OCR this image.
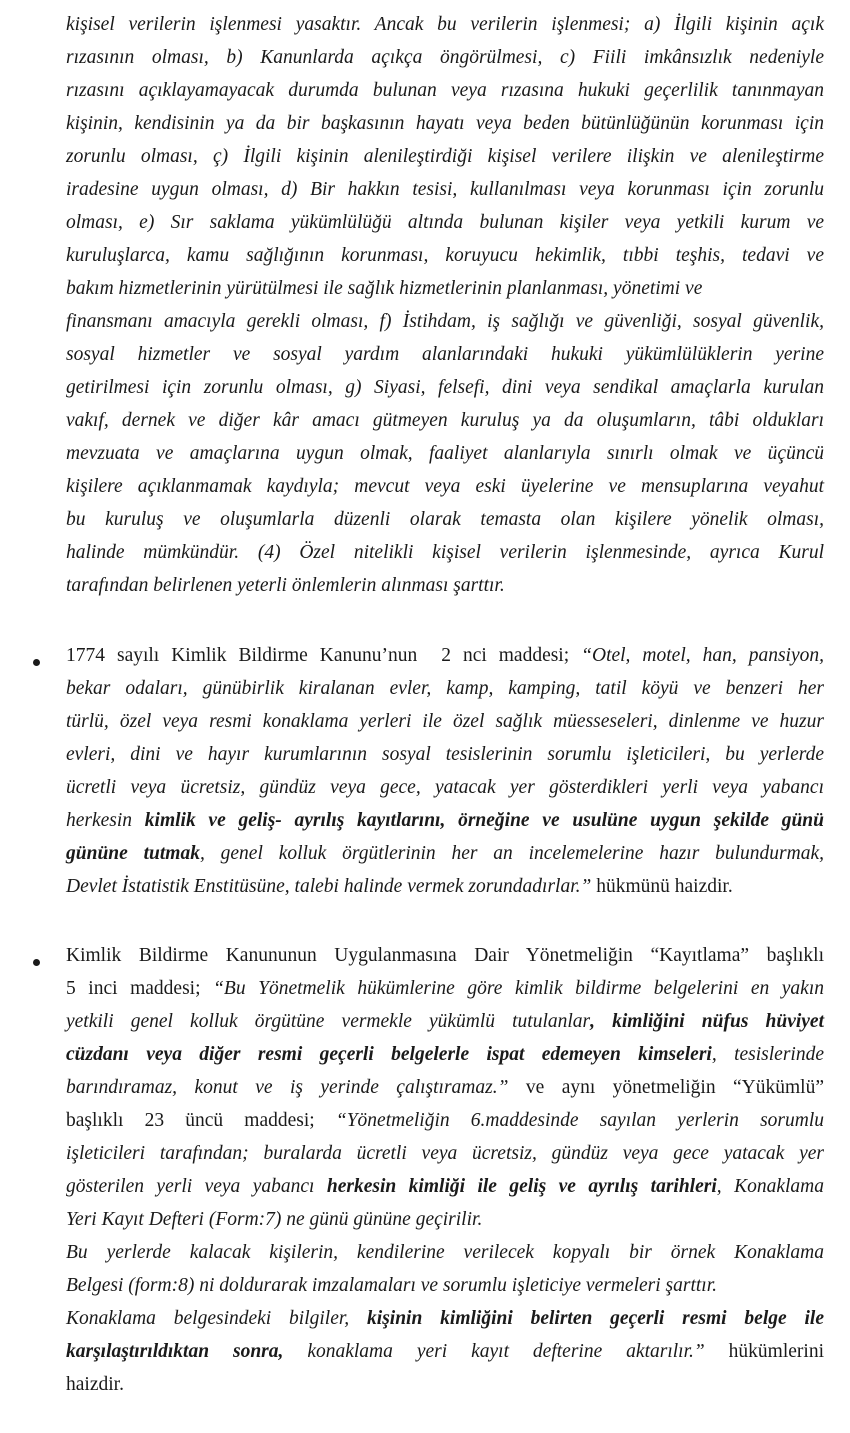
kişisel verilerin işlenmesi yasaktır. Ancak bu verilerin işlenmesi; a) İlgili kişinin açık
rızasının olması, b) Kanunlarda açıkça öngörülmesi, c) Fiili imkânsızlık nedeniyle
rızasını açıklayamayacak durumda bulunan veya rızasına hukuki geçerlilik tanınmayan
kişinin, kendisinin ya da bir başkasının hayatı veya beden bütünlüğünün korunması için
zorunlu olması, ç) İlgili kişinin alenileştirdiği kişisel verilere ilişkin ve alenileştirme
iradesine uygun olması, d) Bir hakkın tesisi, kullanılması veya korunması için zorunlu
olması, e) Sır saklama yükümlülüğü altında bulunan kişiler veya yetkili kurum ve
kuruluşlarca, kamu sağlığının korunması, koruyucu hekimlik, tıbbi teşhis, tedavi ve
bakım hizmetlerinin yürütülmesi ile sağlık hizmetlerinin planlanması, yönetimi ve
finansmanı amacıyla gerekli olması, f) İstihdam, iş sağlığı ve güvenliği, sosyal güvenlik,
sosyal hizmetler ve sosyal yardım alanlarındaki hukuki yükümlülüklerin yerine
getirilmesi için zorunlu olması, g) Siyasi, felsefi, dini veya sendikal amaçlarla kurulan
vakıf, dernek ve diğer kâr amacı gütmeyen kuruluş ya da oluşumların, tâbi oldukları
mevzuata ve amaçlarına uygun olmak, faaliyet alanlarıyla sınırlı olmak ve üçüncü
kişilere açıklanmamak kaydıyla; mevcut veya eski üyelerine ve mensuplarına veyahut
bu kuruluş ve oluşumlarla düzenli olarak temasta olan kişilere yönelik olması,
halinde mümkündür. (4) Özel nitelikli kişisel verilerin işlenmesinde, ayrıca Kurul
tarafından belirlenen yeterli önlemlerin alınması şarttır.
1774 sayılı Kimlik Bildirme Kanunu’nun  2 nci maddesi; “Otel, motel, han, pansiyon,
bekar odaları, günübirlik kiralanan evler, kamp, kamping, tatil köyü ve benzeri her
türlü, özel veya resmi konaklama yerleri ile özel sağlık müesseseleri, dinlenme ve huzur
evleri, dini ve hayır kurumlarının sosyal tesislerinin sorumlu işleticileri, bu yerlerde
ücretli veya ücretsiz, gündüz veya gece, yatacak yer gösterdikleri yerli veya yabancı
herkesin kimlik ve geliş- ayrılış kayıtlarını, örneğine ve usulüne uygun şekilde günü
gününe tutmak, genel kolluk örgütlerinin her an incelemelerine hazır bulundurmak,
Devlet İstatistik Enstitüsüne, talebi halinde vermek zorundadırlar.” hükmünü haizdir.
Kimlik Bildirme Kanununun Uygulanmasına Dair Yönetmeliğin “Kayıtlama” başlıklı
5 inci maddesi; “Bu Yönetmelik hükümlerine göre kimlik bildirme belgelerini en yakın
yetkili genel kolluk örgütüne vermekle yükümlü tutulanlar, kimliğini nüfus hüviyet
cüzdanı veya diğer resmi geçerli belgelerle ispat edemeyen kimseleri, tesislerinde
barındıramaz, konut ve iş yerinde çalıştıramaz.” ve aynı yönetmeliğin “Yükümlü”
başlıklı 23 üncü maddesi; “Yönetmeliğin 6.maddesinde sayılan yerlerin sorumlu
işleticileri tarafından; buralarda ücretli veya ücretsiz, gündüz veya gece yatacak yer
gösterilen yerli veya yabancı herkesin kimliği ile geliş ve ayrılış tarihleri, Konaklama
Yeri Kayıt Defteri (Form:7) ne günü gününe geçirilir.
Bu yerlerde kalacak kişilerin, kendilerine verilecek kopyalı bir örnek Konaklama
Belgesi (form:8) ni doldurarak imzalamaları ve sorumlu işleticiye vermeleri şarttır.
Konaklama belgesindeki bilgiler, kişinin kimliğini belirten geçerli resmi belge ile
karşılaştırıldıktan sonra, konaklama yeri kayıt defterine aktarılır.” hükümlerini
haizdir.
